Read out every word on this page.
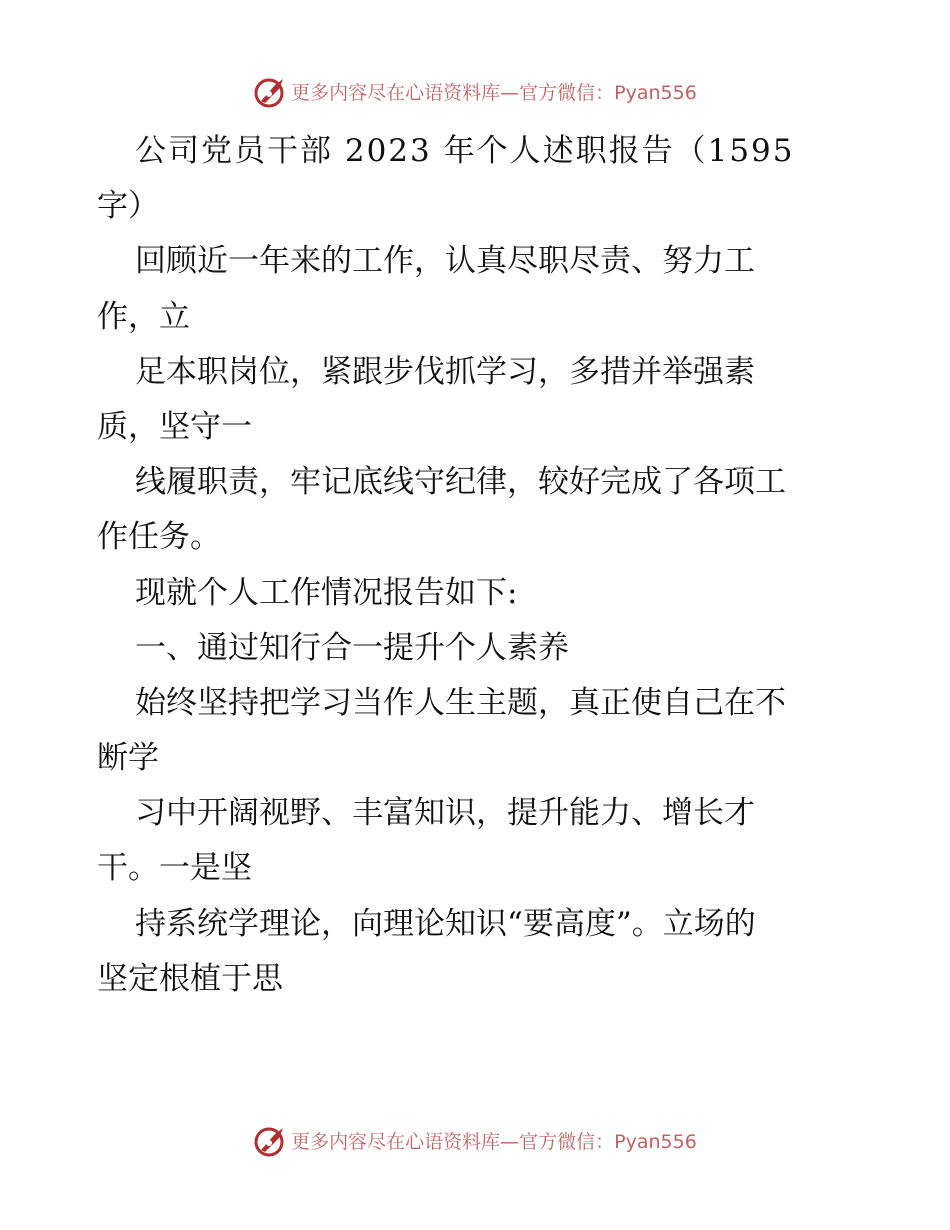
更多内容尽在心语资料库—官方微信：Pyan556
公司党员干部 2023 年个人述职报告（1595
字）
回顾近一年来的工作，认真尽职尽责、努力工
作，立
足本职岗位，紧跟步伐抓学习，多措并举强素
质，坚守一
线履职责，牢记底线守纪律，较好完成了各项工
作任务。
现就个人工作情况报告如下:
一、通过知行合一提升个人素养
始终坚持把学习当作人生主题，真正使自己在不
断学
习中开阔视野、丰富知识，提升能力、增长才
干。一是坚
持系统学理论，向理论知识“要高度”。立场的
坚定根植于思
更多内容尽在心语资料库—官方微信：Pyan556
